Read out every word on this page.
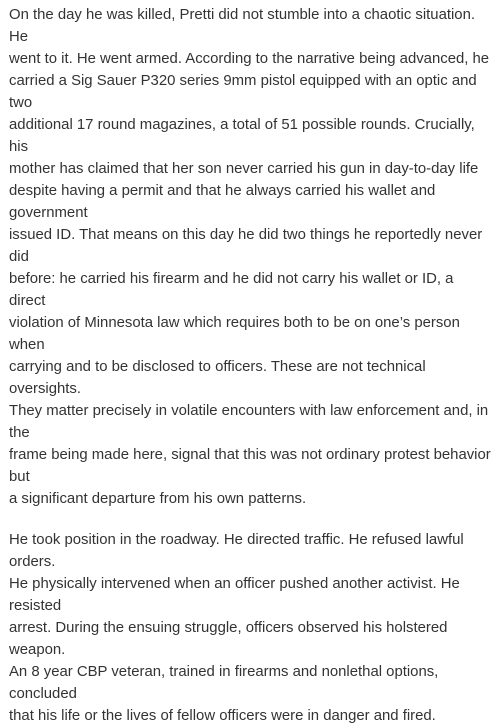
On the day he was killed, Pretti did not stumble into a chaotic situation. He
went to it. He went armed. According to the narrative being advanced, he
carried a Sig Sauer P320 series 9mm pistol equipped with an optic and two
additional 17 round magazines, a total of 51 possible rounds. Crucially, his
mother has claimed that her son never carried his gun in day-to-day life
despite having a permit and that he always carried his wallet and government
issued ID. That means on this day he did two things he reportedly never did
before: he carried his firearm and he did not carry his wallet or ID, a direct
violation of Minnesota law which requires both to be on one’s person when
carrying and to be disclosed to officers. These are not technical oversights.
They matter precisely in volatile encounters with law enforcement and, in the
frame being made here, signal that this was not ordinary protest behavior but
a significant departure from his own patterns.

He took position in the roadway. He directed traffic. He refused lawful orders.
He physically intervened when an officer pushed another activist. He resisted
arrest. During the ensuing struggle, officers observed his holstered weapon.
An 8 year CBP veteran, trained in firearms and nonlethal options, concluded
that his life or the lives of fellow officers were in danger and fired.
